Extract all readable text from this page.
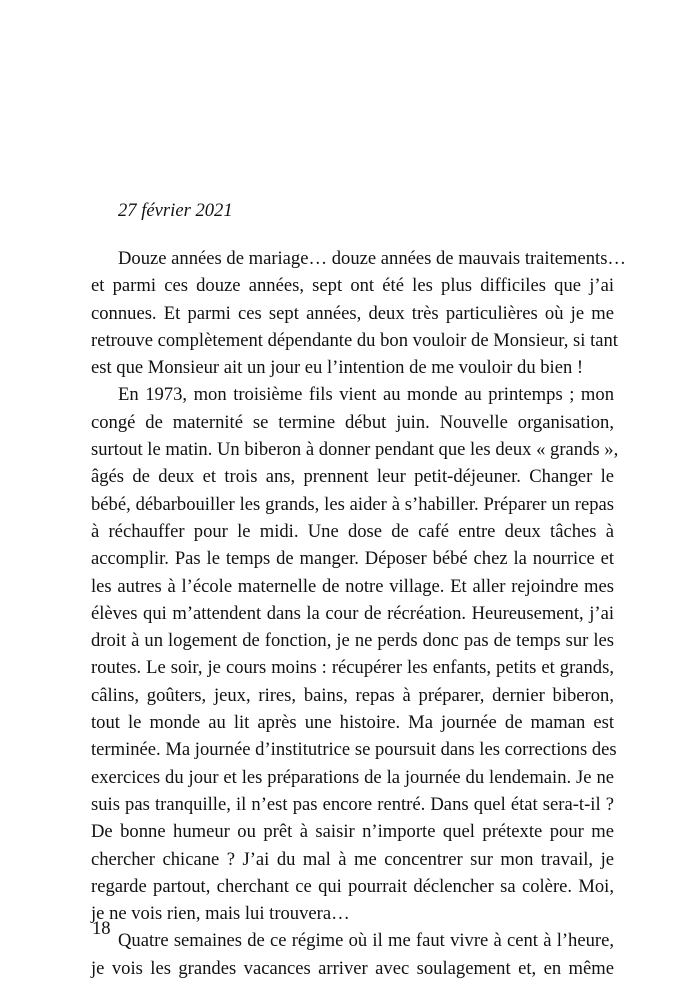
27 février 2021
Douze années de mariage… douze années de mauvais traitements…
et parmi ces douze années, sept ont été les plus difficiles que j’ai
connues. Et parmi ces sept années, deux très particulières où je me
retrouve complètement dépendante du bon vouloir de Monsieur, si tant
est que Monsieur ait un jour eu l’intention de me vouloir du bien !
En 1973, mon troisième fils vient au monde au printemps ; mon
congé de maternité se termine début juin. Nouvelle organisation,
surtout le matin. Un biberon à donner pendant que les deux « grands »,
âgés de deux et trois ans, prennent leur petit-déjeuner. Changer le
bébé, débarbouiller les grands, les aider à s’habiller. Préparer un repas
à réchauffer pour le midi. Une dose de café entre deux tâches à
accomplir. Pas le temps de manger. Déposer bébé chez la nourrice et
les autres à l’école maternelle de notre village. Et aller rejoindre mes
élèves qui m’attendent dans la cour de récréation. Heureusement, j’ai
droit à un logement de fonction, je ne perds donc pas de temps sur les
routes. Le soir, je cours moins : récupérer les enfants, petits et grands,
câlins, goûters, jeux, rires, bains, repas à préparer, dernier biberon,
tout le monde au lit après une histoire. Ma journée de maman est
terminée. Ma journée d’institutrice se poursuit dans les corrections des
exercices du jour et les préparations de la journée du lendemain. Je ne
suis pas tranquille, il n’est pas encore rentré. Dans quel état sera-t-il ?
De bonne humeur ou prêt à saisir n’importe quel prétexte pour me
chercher chicane ? J’ai du mal à me concentrer sur mon travail, je
regarde partout, cherchant ce qui pourrait déclencher sa colère. Moi,
je ne vois rien, mais lui trouvera…
Quatre semaines de ce régime où il me faut vivre à cent à l’heure,
je vois les grandes vacances arriver avec soulagement et, en même
18
